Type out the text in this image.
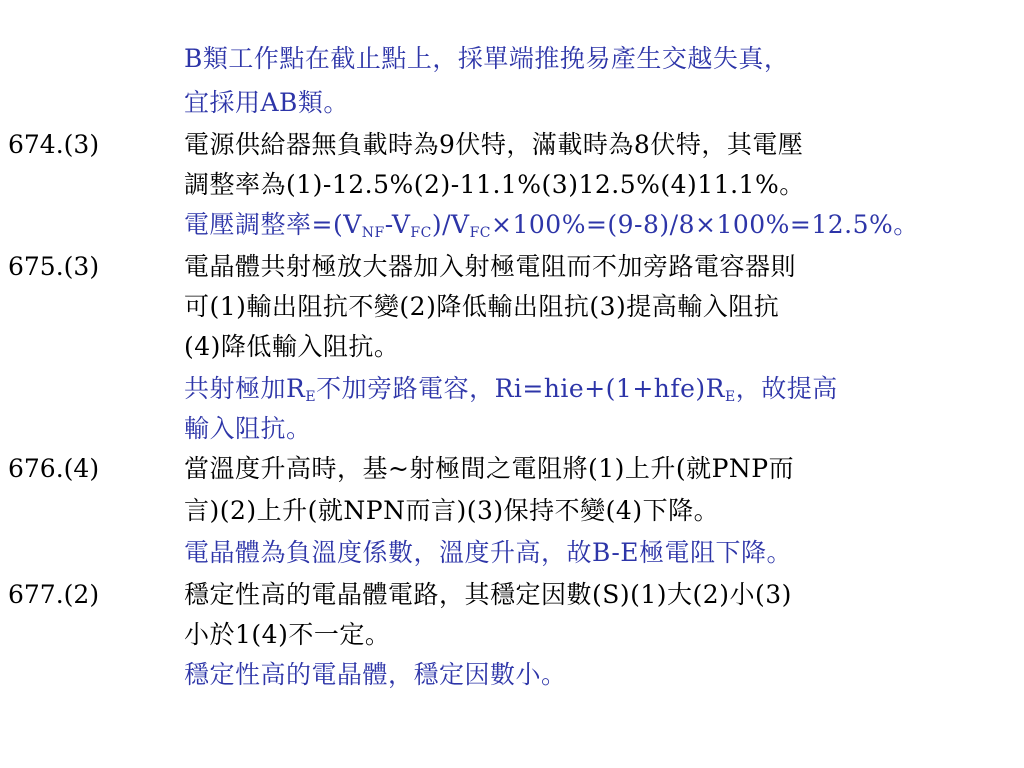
B類工作點在截止點上，採單端推挽易產生交越失真，
宜採用AB類。
674.(3)	電源供給器無負載時為9伏特，滿載時為8伏特，其電壓
調整率為(1)-12.5%(2)-11.1%(3)12.5%(4)11.1%。
電壓調整率$=(V_{NF}-V_{FC})/V_{FC}\times 100\%=(9-8)/8\times 100\%=12.5\%$。
675.(3)	電晶體共射極放大器加入射極電阻而不加旁路電容器則
可(1)輸出阻抗不變(2)降低輸出阻抗(3)提高輸入阻抗
(4)降低輸入阻抗。
共射極加$R_E$不加旁路電容，$Ri=hie+(1+hfe)R_E$，故提高
輸入阻抗。
676.(4)	當溫度升高時，基~射極間之電阻將(1)上升(就PNP而
言)(2)上升(就NPN而言)(3)保持不變(4)下降。
電晶體為負溫度係數，溫度升高，故B-E極電阻下降。
677.(2)	穩定性高的電晶體電路，其穩定因數(S)(1)大(2)小(3)
小於1(4)不一定。
穩定性高的電晶體，穩定因數小。
